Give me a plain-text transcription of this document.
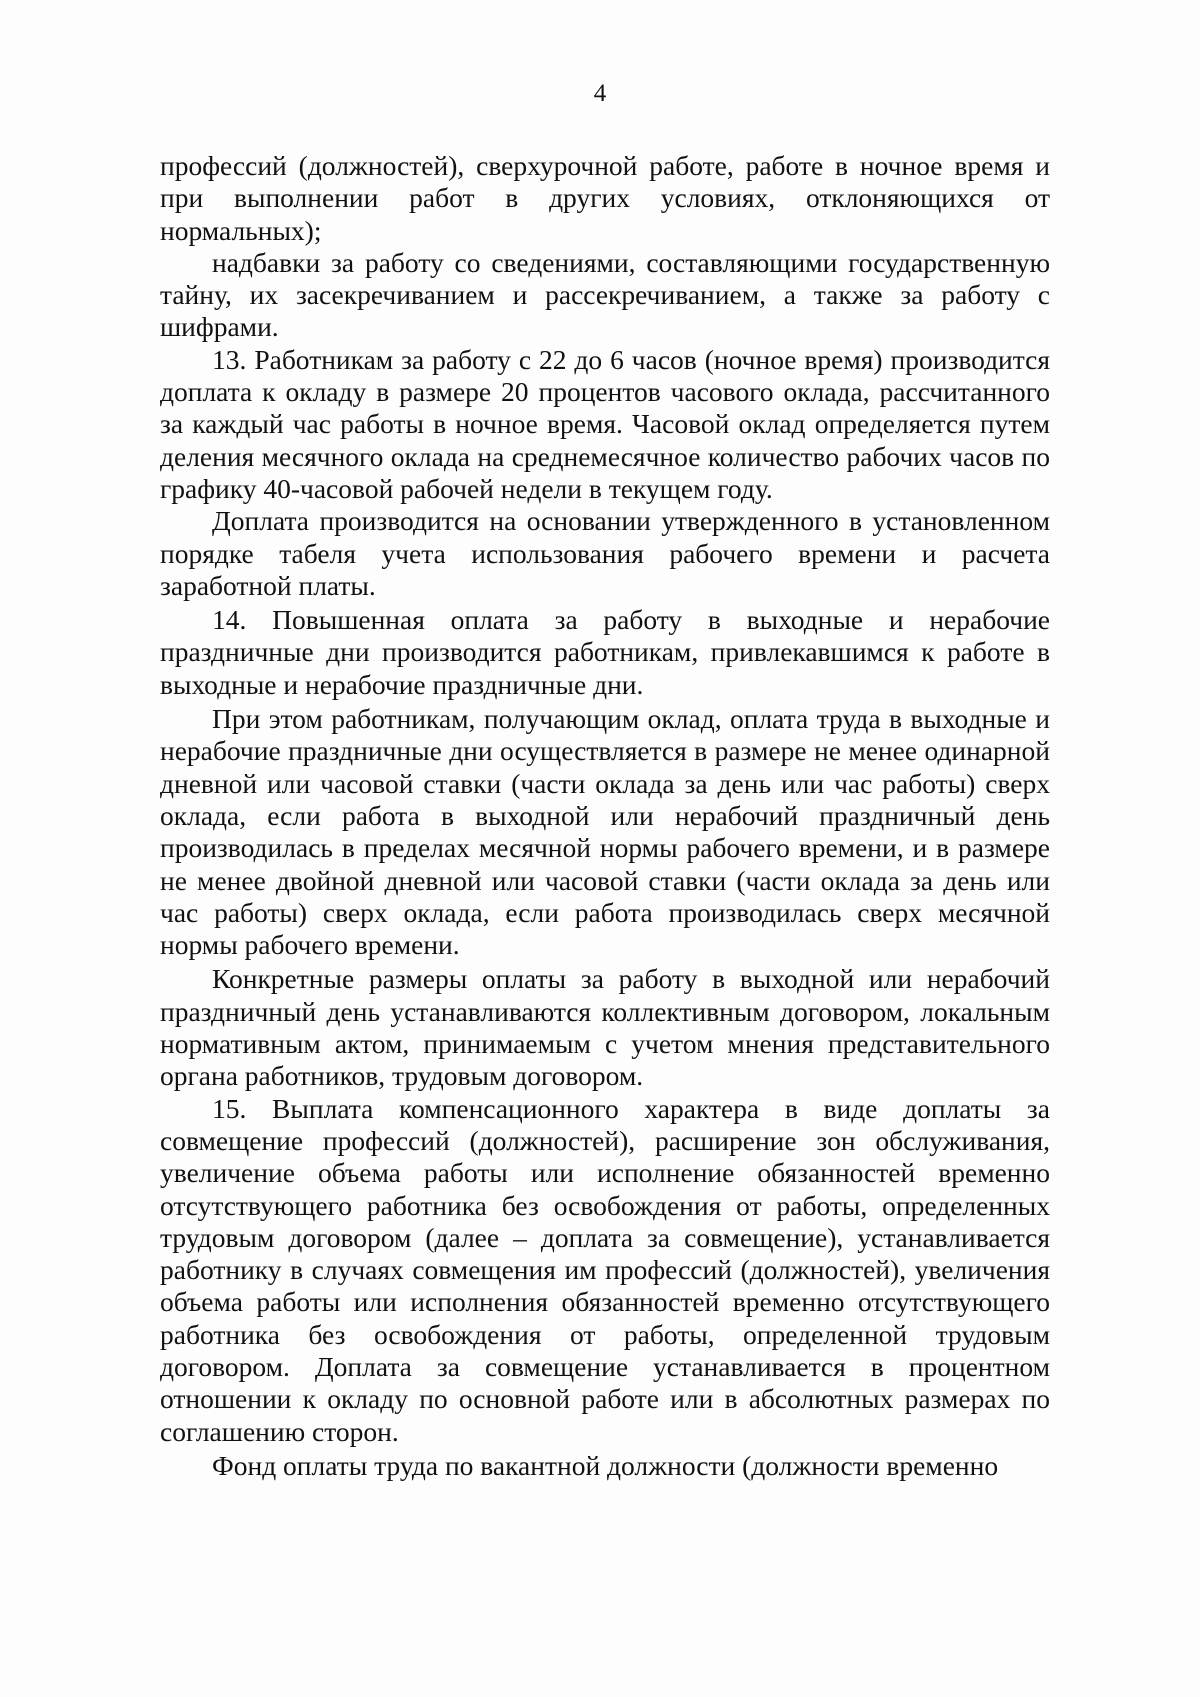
4

профессий (должностей), сверхурочной работе, работе в ночное время и при выполнении работ в других условиях, отклоняющихся от нормальных);

надбавки за работу со сведениями, составляющими государственную тайну, их засекречиванием и рассекречиванием, а также за работу с шифрами.

13. Работникам за работу с 22 до 6 часов (ночное время) производится доплата к окладу в размере 20 процентов часового оклада, рассчитанного за каждый час работы в ночное время. Часовой оклад определяется путем деления месячного оклада на среднемесячное количество рабочих часов по графику 40-часовой рабочей недели в текущем году.

Доплата производится на основании утвержденного в установленном порядке табеля учета использования рабочего времени и расчета заработной платы.

14. Повышенная оплата за работу в выходные и нерабочие праздничные дни производится работникам, привлекавшимся к работе в выходные и нерабочие праздничные дни.

При этом работникам, получающим оклад, оплата труда в выходные и нерабочие праздничные дни осуществляется в размере не менее одинарной дневной или часовой ставки (части оклада за день или час работы) сверх оклада, если работа в выходной или нерабочий праздничный день производилась в пределах месячной нормы рабочего времени, и в размере не менее двойной дневной или часовой ставки (части оклада за день или час работы) сверх оклада, если работа производилась сверх месячной нормы рабочего времени.

Конкретные размеры оплаты за работу в выходной или нерабочий праздничный день устанавливаются коллективным договором, локальным нормативным актом, принимаемым с учетом мнения представительного органа работников, трудовым договором.

15. Выплата компенсационного характера в виде доплаты за совмещение профессий (должностей), расширение зон обслуживания, увеличение объема работы или исполнение обязанностей временно отсутствующего работника без освобождения от работы, определенных трудовым договором (далее – доплата за совмещение), устанавливается работнику в случаях совмещения им профессий (должностей), увеличения объема работы или исполнения обязанностей временно отсутствующего работника без освобождения от работы, определенной трудовым договором. Доплата за совмещение устанавливается в процентном отношении к окладу по основной работе или в абсолютных размерах по соглашению сторон.

Фонд оплаты труда по вакантной должности (должности временно
